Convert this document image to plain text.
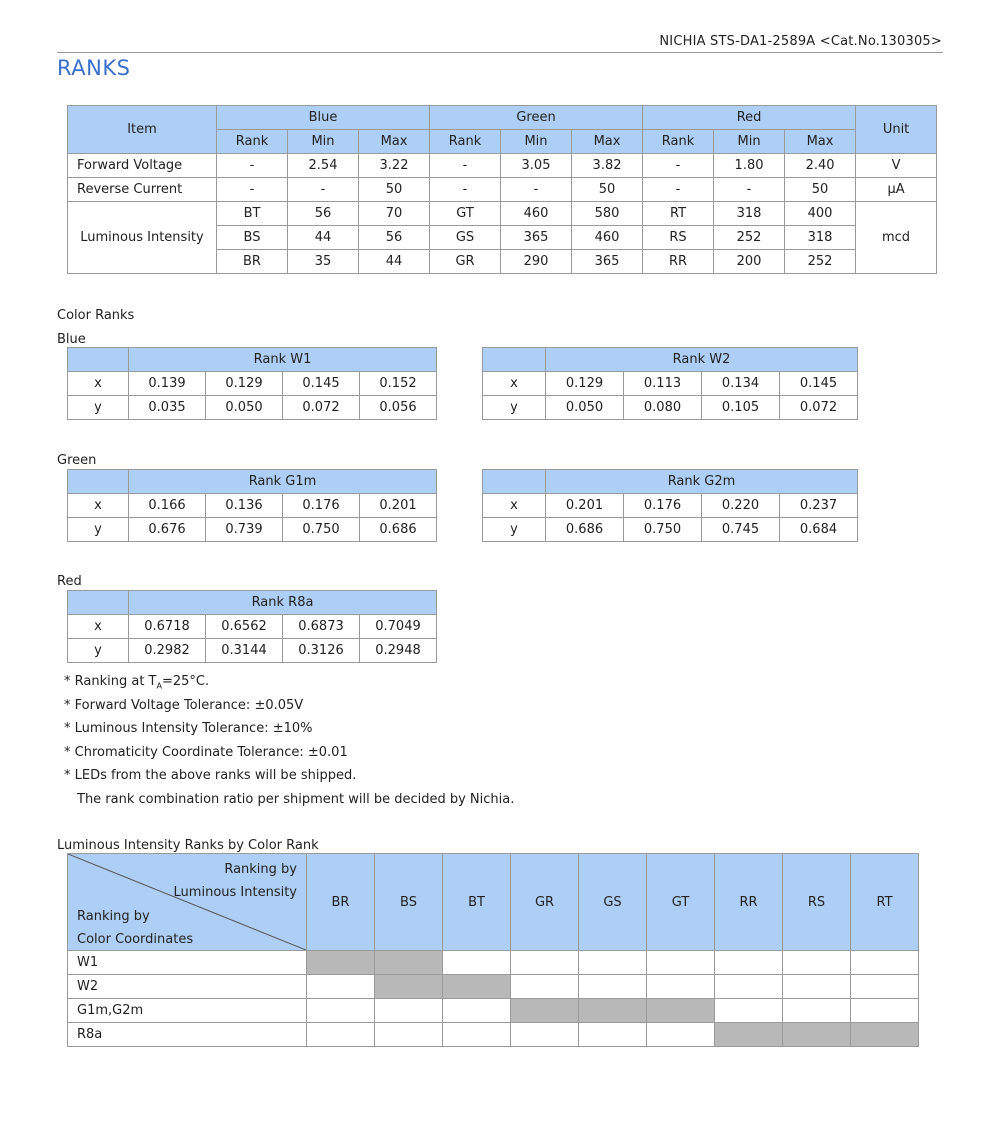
NICHIA STS-DA1-2589A <Cat.No.130305>
RANKS
Item	Blue			Green			Red			Unit
	Rank	Min	Max	Rank	Min	Max	Rank	Min	Max	
Forward Voltage	-	2.54	3.22	-	3.05	3.82	-	1.80	2.40	V
Reverse Current	-	-	50	-	-	50	-	-	50	μA
Luminous Intensity	BT	56	70	GT	460	580	RT	318	400	mcd
	BS	44	56	GS	365	460	RS	252	318	
	BR	35	44	GR	290	365	RR	200	252	
Color Ranks
Blue
	Rank W1			
x	0.139	0.129	0.145	0.152
y	0.035	0.050	0.072	0.056
	Rank W2			
x	0.129	0.113	0.134	0.145
y	0.050	0.080	0.105	0.072
Green
	Rank G1m			
x	0.166	0.136	0.176	0.201
y	0.676	0.739	0.750	0.686
	Rank G2m			
x	0.201	0.176	0.220	0.237
y	0.686	0.750	0.745	0.684
Red
	Rank R8a			
x	0.6718	0.6562	0.6873	0.7049
y	0.2982	0.3144	0.3126	0.2948
* Ranking at $T_A=25^\circ C$.
* Forward Voltage Tolerance: ±0.05V
* Luminous Intensity Tolerance: ±10%
* Chromaticity Coordinate Tolerance: ±0.01
* LEDs from the above ranks will be shipped.
The rank combination ratio per shipment will be decided by Nichia.
Luminous Intensity Ranks by Color Rank
Ranking by
Luminous Intensity
Ranking by
Color Coordinates	BR	BS	BT	GR	GS	GT	RR	RS	RT
W1									
W2									
G1m,G2m									
R8a									
